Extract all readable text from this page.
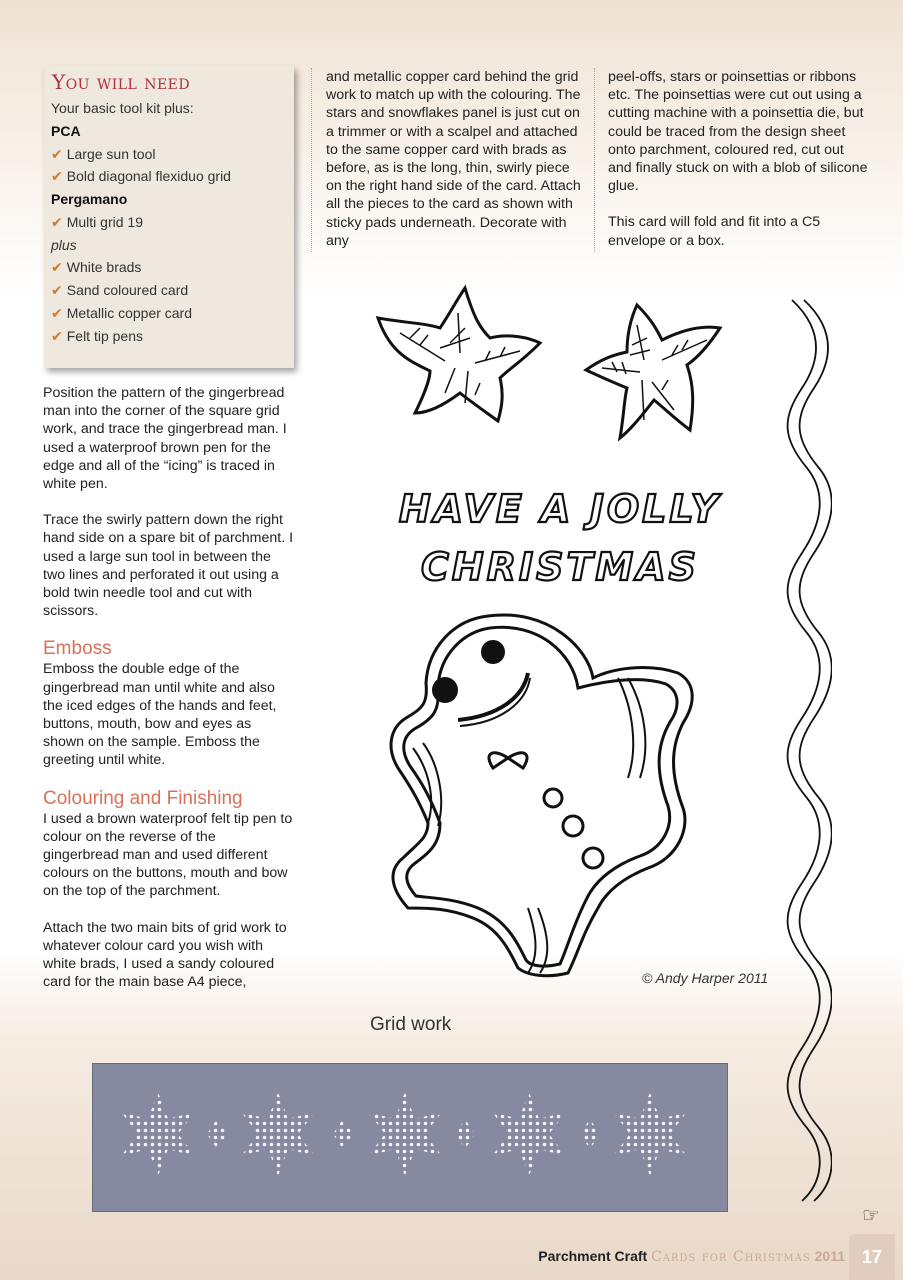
You will need
Your basic tool kit plus:
PCA
✔ Large sun tool
✔ Bold diagonal flexiduo grid
Pergamano
✔ Multi grid 19
plus
✔ White brads
✔ Sand coloured card
✔ Metallic copper card
✔ Felt tip pens

Position the pattern of the gingerbread man into the corner of the square grid work, and trace the gingerbread man. I used a waterproof brown pen for the edge and all of the “icing” is traced in white pen.

Trace the swirly pattern down the right hand side on a spare bit of parchment. I used a large sun tool in between the two lines and perforated it out using a bold twin needle tool and cut with scissors.

Emboss

Emboss the double edge of the gingerbread man until white and also the iced edges of the hands and feet, buttons, mouth, bow and eyes as shown on the sample. Emboss the greeting until white.

Colouring and Finishing

I used a brown waterproof felt tip pen to colour on the reverse of the gingerbread man and used different colours on the buttons, mouth and bow on the top of the parchment.

Attach the two main bits of grid work to whatever colour card you wish with white brads, I used a sandy coloured card for the main base A4 piece,

and metallic copper card behind the grid work to match up with the colouring. The stars and snowflakes panel is just cut on a trimmer or with a scalpel and attached to the same copper card with brads as before, as is the long, thin, swirly piece on the right hand side of the card. Attach all the pieces to the card as shown with sticky pads underneath. Decorate with any

peel-offs, stars or poinsettias or ribbons etc. The poinsettias were cut out using a cutting machine with a poinsettia die, but could be traced from the design sheet onto parchment, coloured red, cut out and finally stuck on with a blob of silicone glue.

This card will fold and fit into a C5 envelope or a box.

HAVE A JOLLY
CHRISTMAS
© Andy Harper 2011
Grid work
☞
Parchment Craft Cards for Christmas 2011 17
